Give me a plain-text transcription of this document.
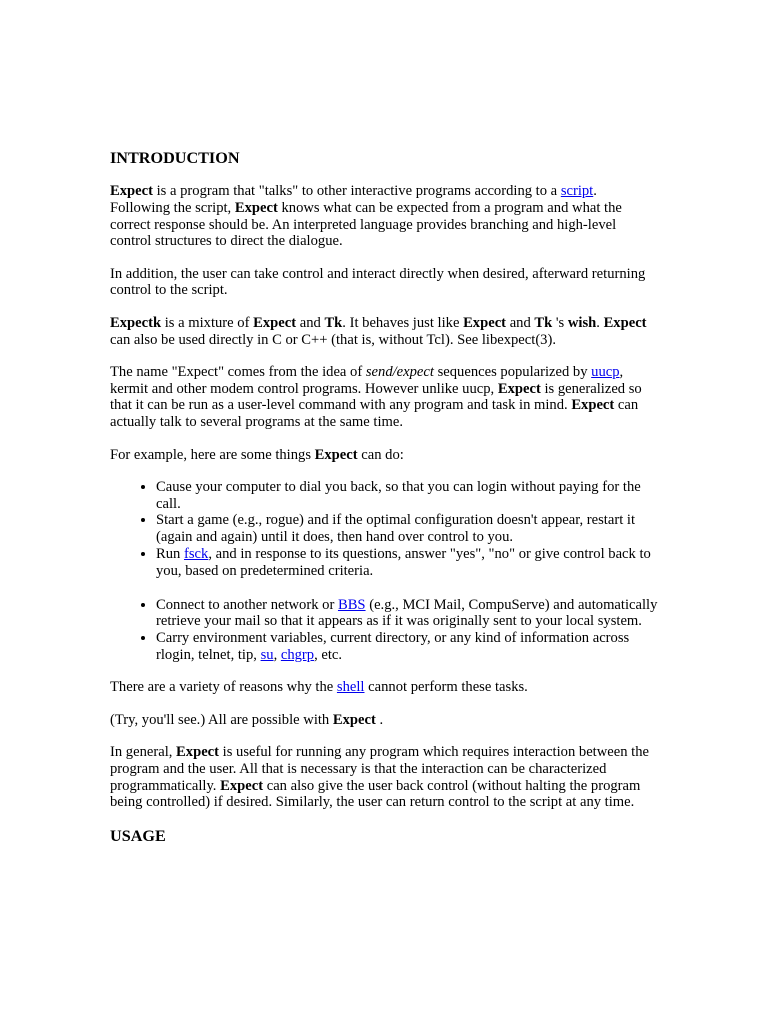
INTRODUCTION

Expect is a program that "talks" to other interactive programs according to a script. Following the script, Expect knows what can be expected from a program and what the correct response should be. An interpreted language provides branching and high-level control structures to direct the dialogue.

In addition, the user can take control and interact directly when desired, afterward returning control to the script.

Expectk is a mixture of Expect and Tk. It behaves just like Expect and Tk 's wish. Expect can also be used directly in C or C++ (that is, without Tcl). See libexpect(3).

The name "Expect" comes from the idea of send/expect sequences popularized by uucp, kermit and other modem control programs. However unlike uucp, Expect is generalized so that it can be run as a user-level command with any program and task in mind. Expect can actually talk to several programs at the same time.

For example, here are some things Expect can do:

• Cause your computer to dial you back, so that you can login without paying for the call.
• Start a game (e.g., rogue) and if the optimal configuration doesn't appear, restart it (again and again) until it does, then hand over control to you.
• Run fsck, and in response to its questions, answer "yes", "no" or give control back to you, based on predetermined criteria.
• Connect to another network or BBS (e.g., MCI Mail, CompuServe) and automatically retrieve your mail so that it appears as if it was originally sent to your local system.
• Carry environment variables, current directory, or any kind of information across rlogin, telnet, tip, su, chgrp, etc.

There are a variety of reasons why the shell cannot perform these tasks.

(Try, you'll see.) All are possible with Expect .

In general, Expect is useful for running any program which requires interaction between the program and the user. All that is necessary is that the interaction can be characterized programmatically. Expect can also give the user back control (without halting the program being controlled) if desired. Similarly, the user can return control to the script at any time.

USAGE
